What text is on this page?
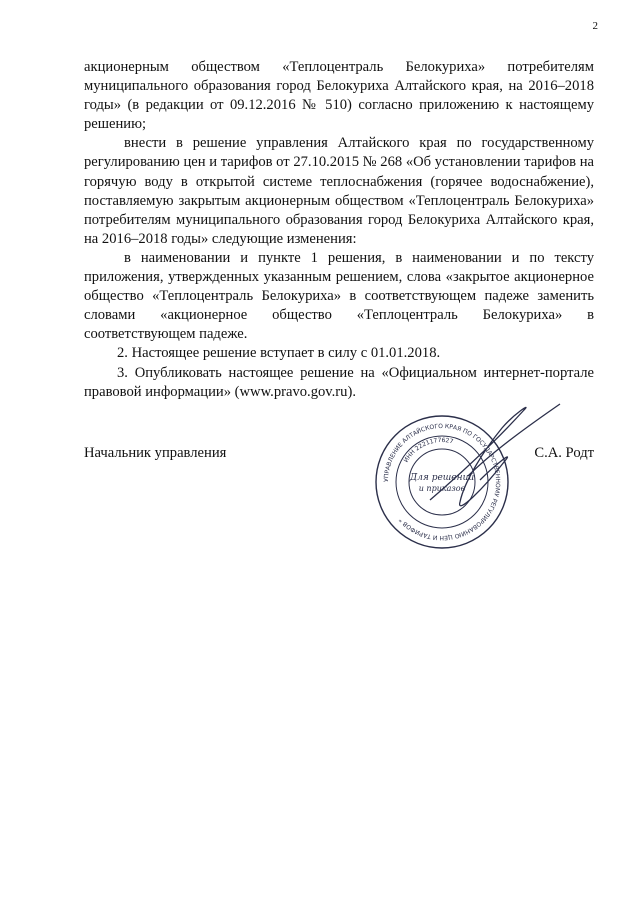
2

акционерным обществом «Теплоцентраль Белокуриха» потребителям муниципального образования город Белокуриха Алтайского края, на 2016–2018 годы» (в редакции от 09.12.2016 № 510) согласно приложению к настоящему решению;

внести в решение управления Алтайского края по государственному регулированию цен и тарифов от 27.10.2015 № 268 «Об установлении тарифов на горячую воду в открытой системе теплоснабжения (горячее водоснабжение), поставляемую закрытым акционерным обществом «Теплоцентраль Белокуриха» потребителям муниципального образования город Белокуриха Алтайского края, на 2016–2018 годы» следующие изменения:

в наименовании и пункте 1 решения, в наименовании и по тексту приложения, утвержденных указанным решением, слова «закрытое акционерное общество «Теплоцентраль Белокуриха» в соответствующем падеже заменить словами «акционерное общество «Теплоцентраль Белокуриха» в соответствующем падеже.

2. Настоящее решение вступает в силу с 01.01.2018.

3. Опубликовать настоящее решение на «Официальном интернет-портале правовой информации» (www.pravo.gov.ru).

Начальник управления	С.А. Родт
УПРАВЛЕНИЕ АЛТАЙСКОГО КРАЯ ПО ГОСУДАРСТВЕННОМУ РЕГУЛИРОВАНИЮ ЦЕН И ТАРИФОВ *
ИНН 2221177627
Для решений
и приказов
